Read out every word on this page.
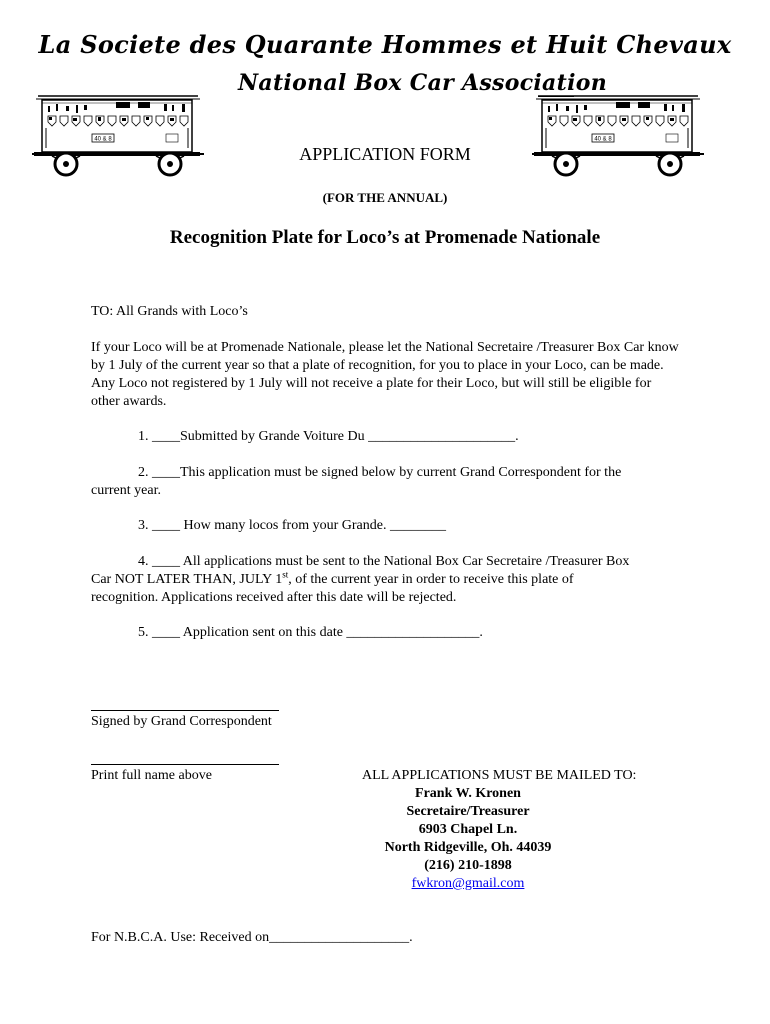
La Societe des Quarante Hommes et Huit Chevaux
National Box Car Association
40 & 8	40 & 8
APPLICATION FORM
(FOR THE ANNUAL)
Recognition Plate for Loco’s at Promenade Nationale
TO: All Grands with Loco’s
If your Loco will be at Promenade Nationale, please let the National Secretaire /Treasurer Box Car know by 1 July of the current year so that a plate of recognition, for you to place in your Loco, can be made. Any Loco not registered by 1 July will not receive a plate for their Loco, but will still be eligible for other awards.
1. ____Submitted by Grande Voiture Du _____________________.
2. ____This application must be signed below by current Grand Correspondent for the
current year.
3. ____ How many locos from your Grande. ________
4. ____ All applications must be sent to the National Box Car Secretaire /Treasurer Box
Car NOT LATER THAN, JULY 1st, of the current year in order to receive this plate of
recognition. Applications received after this date will be rejected.
5. ____ Application sent on this date ___________________.
Signed by Grand Correspondent
Print full name above	ALL APPLICATIONS MUST BE MAILED TO:
Frank W. Kronen
Secretaire/Treasurer
6903 Chapel Ln.
North Ridgeville, Oh. 44039
(216) 210-1898
fwkron@gmail.com
For N.B.C.A. Use: Received on____________________.
